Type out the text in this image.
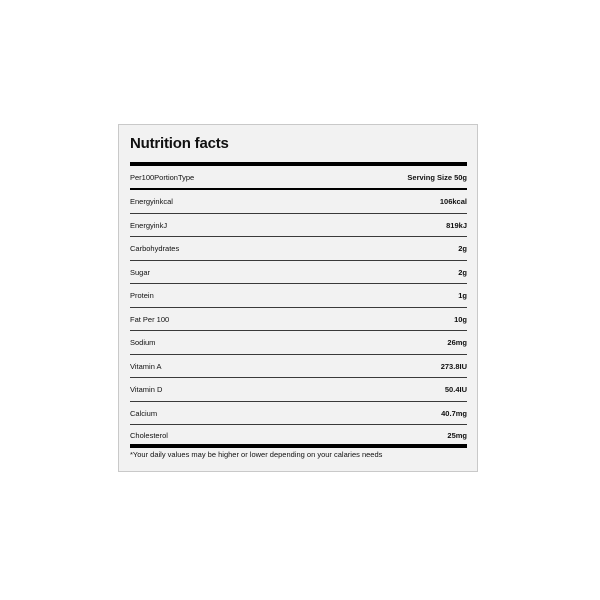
Nutrition facts
Per100PortionType	Serving Size 50g
Energyinkcal	106kcal
EnergyinkJ	819kJ
Carbohydrates	2g
Sugar	2g
Protein	1g
Fat Per 100	10g
Sodium	26mg
Vitamin A	273.8IU
Vitamin D	50.4IU
Calcium	40.7mg
Cholesterol	25mg
*Your daily values may be higher or lower depending on your calaries needs
